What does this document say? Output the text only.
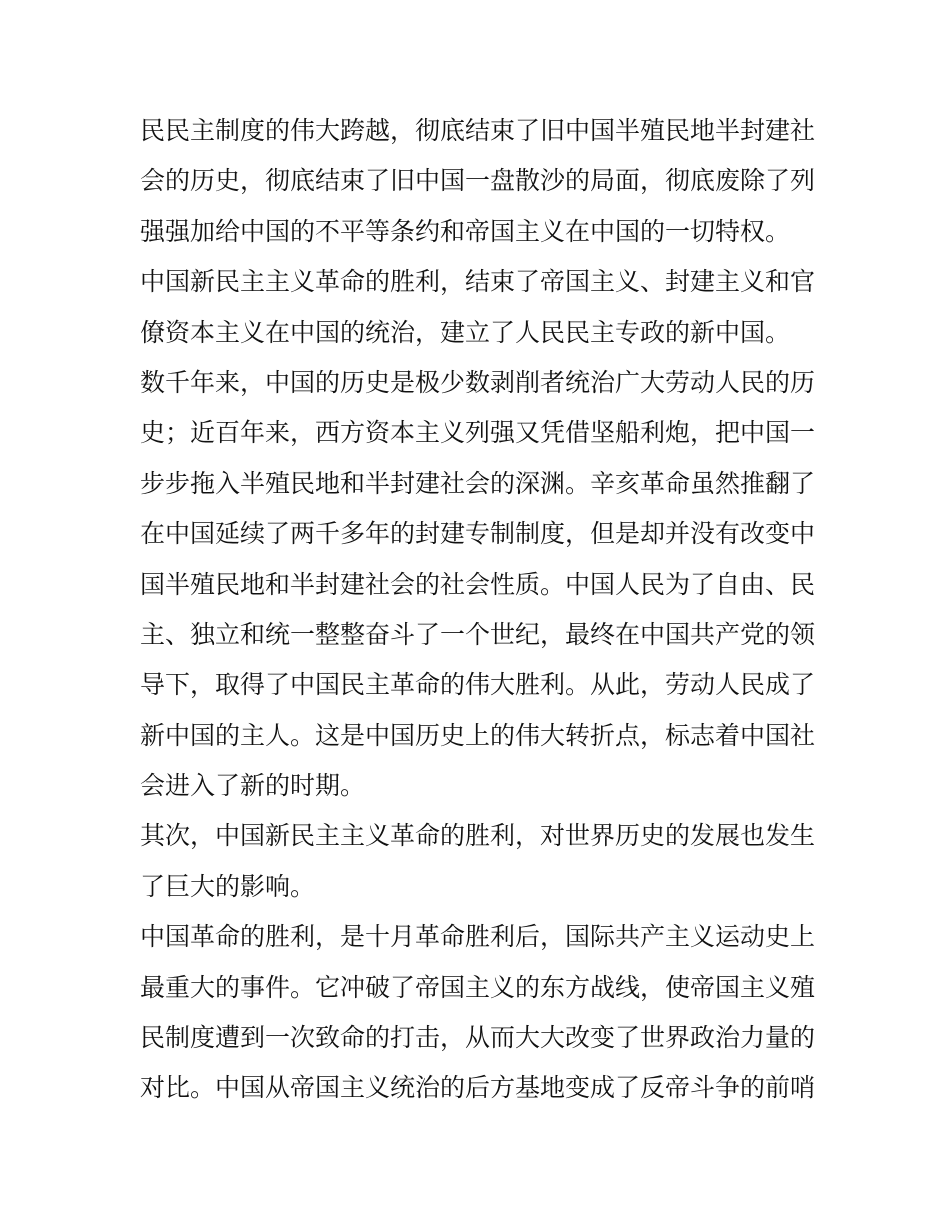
民民主制度的伟大跨越，彻底结束了旧中国半殖民地半封建社
会的历史，彻底结束了旧中国一盘散沙的局面，彻底废除了列
强强加给中国的不平等条约和帝国主义在中国的一切特权。
中国新民主主义革命的胜利，结束了帝国主义、封建主义和官
僚资本主义在中国的统治，建立了人民民主专政的新中国。
数千年来，中国的历史是极少数剥削者统治广大劳动人民的历
史；近百年来，西方资本主义列强又凭借坚船利炮，把中国一
步步拖入半殖民地和半封建社会的深渊。辛亥革命虽然推翻了
在中国延续了两千多年的封建专制制度，但是却并没有改变中
国半殖民地和半封建社会的社会性质。中国人民为了自由、民
主、独立和统一整整奋斗了一个世纪，最终在中国共产党的领
导下，取得了中国民主革命的伟大胜利。从此，劳动人民成了
新中国的主人。这是中国历史上的伟大转折点，标志着中国社
会进入了新的时期。
其次，中国新民主主义革命的胜利，对世界历史的发展也发生
了巨大的影响。
中国革命的胜利，是十月革命胜利后，国际共产主义运动史上
最重大的事件。它冲破了帝国主义的东方战线，使帝国主义殖
民制度遭到一次致命的打击，从而大大改变了世界政治力量的
对比。中国从帝国主义统治的后方基地变成了反帝斗争的前哨
